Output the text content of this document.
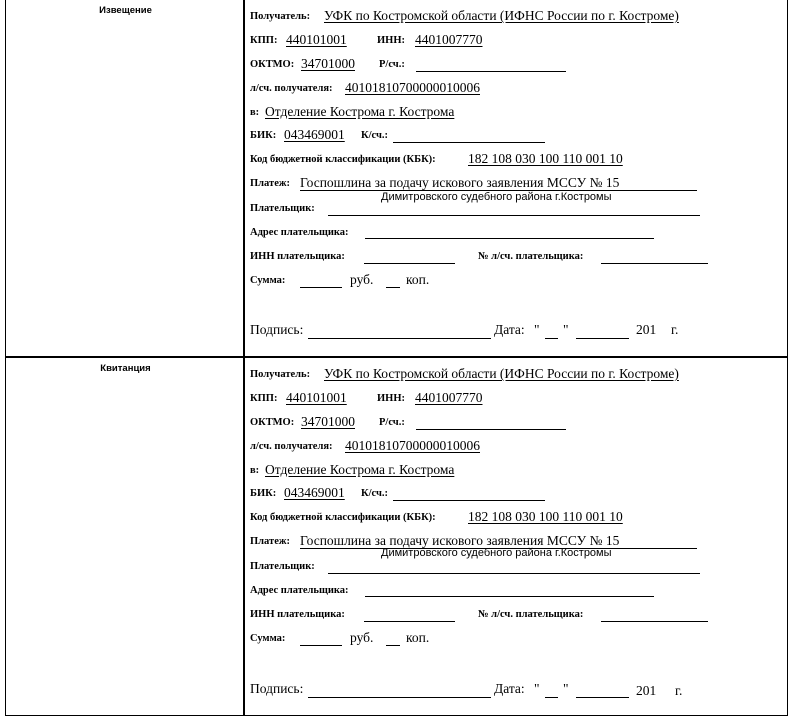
Извещение
Получатель: УФК по Костромской области (ИФНС России по г. Костроме)
КПП: 440101001	ИНН: 4401007770
ОКТМО: 34701000 Р/сч.:
л/сч. получателя: 40101810700000010006
в: Отделение Кострома г. Кострома
БИК: 043469001 К/сч.:
Код бюджетной классификации (КБК): 182 108 030 100 110 001 10
Платеж: Госпошлина за подачу искового заявления МССУ № 15
Димитровского судебного района г.Костромы
Плательщик:
Адрес плательщика:
ИНН плательщика:	№ л/сч. плательщика:
Сумма:	руб. коп.
Подпись:	Дата: " "	201 г.
Квитанция
Получатель: УФК по Костромской области (ИФНС России по г. Костроме)
КПП: 440101001	ИНН: 4401007770
ОКТМО: 34701000 Р/сч.:
л/сч. получателя: 40101810700000010006
в: Отделение Кострома г. Кострома
БИК: 043469001 К/сч.:
Код бюджетной классификации (КБК): 182 108 030 100 110 001 10
Платеж: Госпошлина за подачу искового заявления МССУ № 15
Димитровского судебного района г.Костромы
Плательщик:
Адрес плательщика:
ИНН плательщика:	№ л/сч. плательщика:
Сумма:	руб. коп.
Подпись:	Дата: " "	201 г.
